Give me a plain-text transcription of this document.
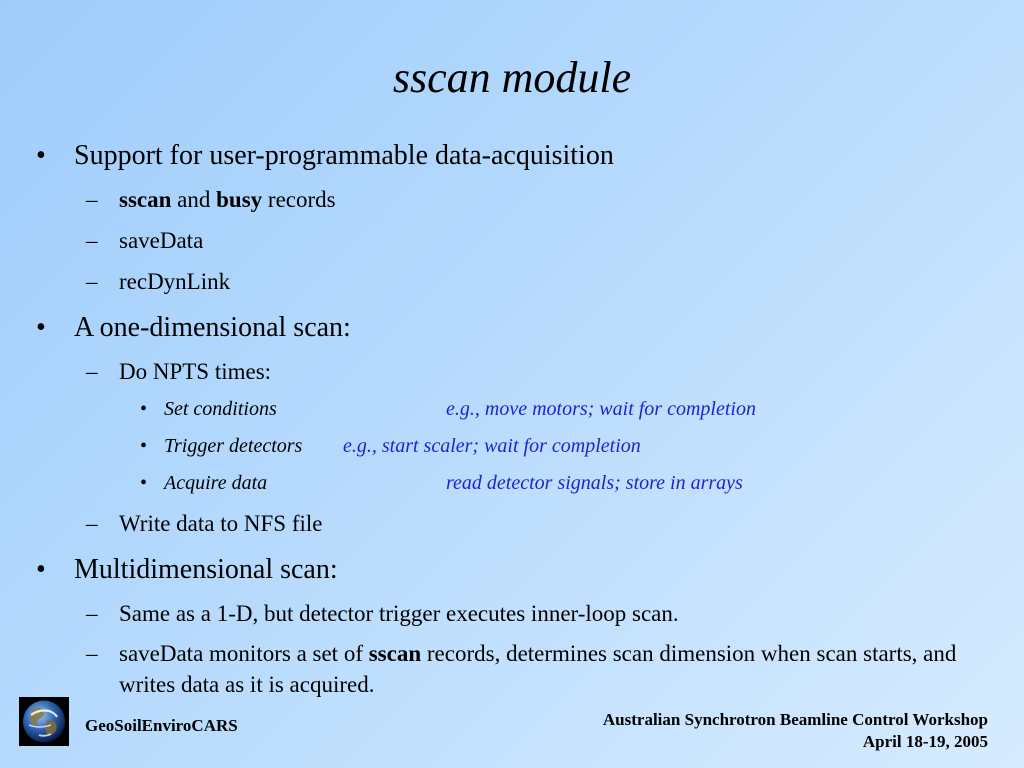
sscan module
• Support for user-programmable data-acquisition
– sscan and busy records
– saveData
– recDynLink
• A one-dimensional scan:
– Do NPTS times:
• Set conditions	e.g., move motors; wait for completion
• Trigger detectors e.g., start scaler; wait for completion
• Acquire data	read detector signals; store in arrays
– Write data to NFS file
• Multidimensional scan:
– Same as a 1-D, but detector trigger executes inner-loop scan.
– saveData monitors a set of sscan records, determines scan dimension when scan starts, and writes data as it is acquired.
GeoSoilEnviroCARS	Australian Synchrotron Beamline Control Workshop
April 18-19, 2005
